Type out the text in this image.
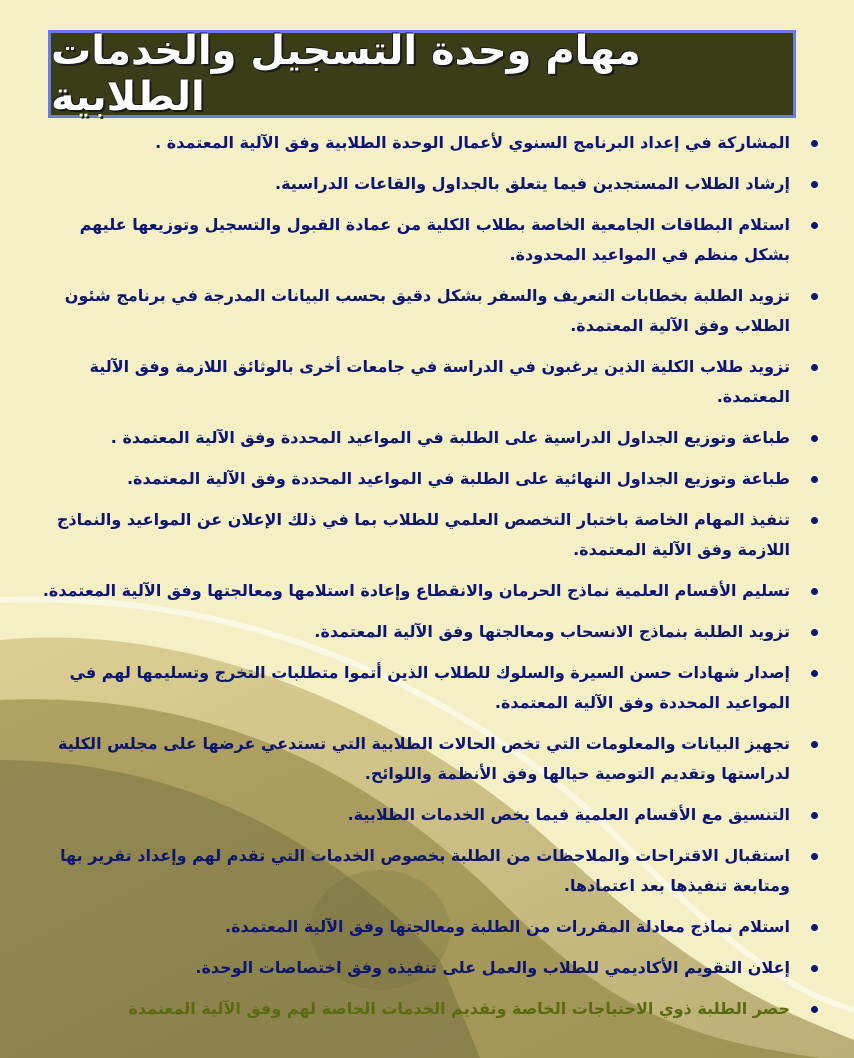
مهام وحدة التسجيل والخدمات الطلابية
المشاركة في إعداد البرنامج السنوي لأعمال الوحدة الطلابية وفق الآلية المعتمدة .
إرشاد الطلاب المستجدين فيما يتعلق بالجداول والقاعات الدراسية.
استلام البطاقات الجامعية الخاصة بطلاب الكلية من عمادة القبول والتسجيل وتوزيعها عليهم بشكل منظم في المواعيد المحدودة.
تزويد الطلبة بخطابات التعريف والسفر بشكل دقيق بحسب البيانات المدرجة في برنامج شئون الطلاب وفق الآلية المعتمدة.
تزويد طلاب الكلية الذين يرغبون في الدراسة في جامعات أخرى بالوثائق اللازمة وفق الآلية المعتمدة.
طباعة وتوزيع الجداول الدراسية على الطلبة في المواعيد المحددة وفق الآلية المعتمدة .
طباعة وتوزيع الجداول النهائية على الطلبة في المواعيد المحددة وفق الآلية المعتمدة.
تنفيذ المهام الخاصة باختبار التخصص العلمي للطلاب بما في ذلك الإعلان عن المواعيد والنماذج اللازمة وفق الآلية المعتمدة.
تسليم الأقسام العلمية نماذج الحرمان والانقطاع وإعادة استلامها ومعالجتها وفق الآلية المعتمدة.
تزويد الطلبة بنماذج الانسحاب ومعالجتها وفق الآلية المعتمدة.
إصدار شهادات حسن السيرة والسلوك للطلاب الذين أتموا متطلبات التخرج وتسليمها لهم في المواعيد المحددة وفق الآلية المعتمدة.
تجهيز البيانات والمعلومات التي تخص الحالات الطلابية التي تستدعي عرضها على مجلس الكلية لدراستها وتقديم التوصية حيالها وفق الأنظمة واللوائح.
التنسيق مع الأقسام العلمية فيما يخص الخدمات الطلابية.
استقبال الاقتراحات والملاحظات من الطلبة بخصوص الخدمات التي تقدم لهم وإعداد تقرير بها ومتابعة تنفيذها بعد اعتمادها.
استلام نماذج معادلة المقررات من الطلبة ومعالجتها وفق الآلية المعتمدة.
إعلان التقويم الأكاديمي للطلاب والعمل على تنفيذه وفق اختصاصات الوحدة.
حصر الطلبة ذوي الاحتياجات الخاصة وتقديم الخدمات الخاصة لهم وفق الآلية المعتمدة
